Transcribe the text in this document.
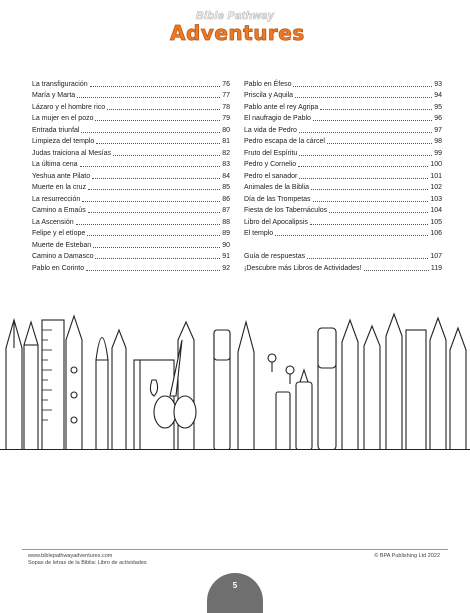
Bible Pathway
Adventures
La transfiguración	76
María y Marta	77
Lázaro y el hombre rico	78
La mujer en el pozo	79
Entrada triunfal	80
Limpieza del templo	81
Judas traiciona al Mesías	82
La última cena	83
Yeshua ante Pilato	84
Muerte en la cruz	85
La resurrección	86
Camino a Emaús	87
La Ascensión	88
Felipe y el etíope	89
Muerte de Esteban	90
Camino a Damasco	91
Pablo en Corinto	92
Pablo en Éfeso	93
Priscila y Aquila	94
Pablo ante el rey Agripa	95
El naufragio de Pablo	96
La vida de Pedro	97
Pedro escapa de la cárcel	98
Fruto del Espíritu	99
Pedro y Cornelio	100
Pedro el sanador	101
Animales de la Biblia	102
Día de las Trompetas	103
Fiesta de los Tabernáculos	104
Libro del Apocalipsis	105
El templo	106
Guía de respuestas	107
¡Descubre más Libros de Actividades!	119
www.biblepathwayadventures.com
Sopas de letras de la Biblia: Libro de actividades
© BPA Publishing Ltd 2022
5
